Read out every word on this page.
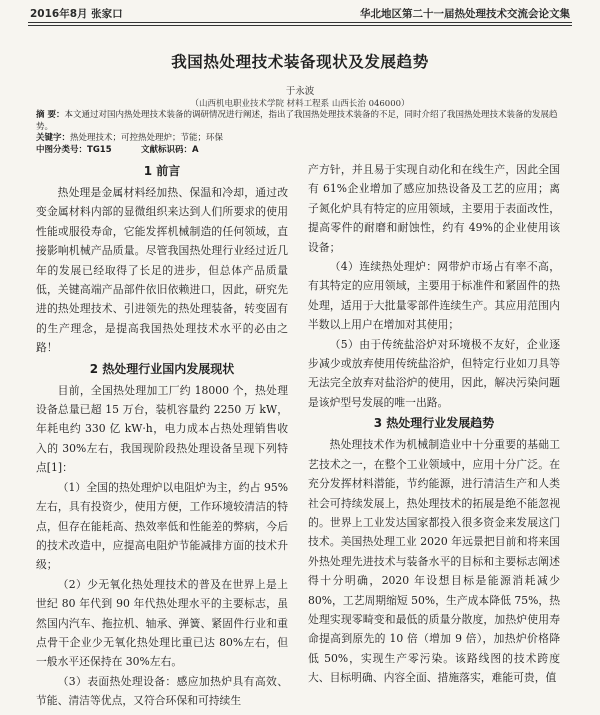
2016年8月 张家口	华北地区第二十一届热处理技术交流会论文集
我国热处理技术装备现状及发展趋势
于永波
（山西机电职业技术学院 材料工程系 山西长治 046000）
摘 要：本文通过对国内热处理技术装备的调研情况进行阐述，指出了我国热处理技术装备的不足，同时介绍了我国热处理技术装备的发展趋势。
关键字：热处理技术；可控热处理炉；节能；环保
中图分类号：TG15	文献标识码：A
1 前言

热处理是金属材料经加热、保温和冷却，通过改变金属材料内部的显微组织来达到人们所要求的使用性能或服役寿命，它能发挥机械制造的任何领域，直接影响机械产品质量。尽管我国热处理行业经过近几年的发展已经取得了长足的进步，但总体产品质量低，关键高端产品部件依旧依赖进口，因此，研究先进的热处理技术、引进领先的热处理装备，转变固有的生产理念，是提高我国热处理技术水平的必由之路！

2 热处理行业国内发展现状

目前，全国热处理加工厂约 18000 个，热处理设备总量已超 15 万台，装机容量约 2250 万 kW，年耗电约 330 亿 kW·h，电力成本占热处理销售收入的 30%左右，我国现阶段热处理设备呈现下列特点[1]：

（1）全国的热处理炉以电阻炉为主，约占 95%左右，具有投资少，使用方便，工作环境较清洁的特点，但存在能耗高、热效率低和性能差的弊病，今后的技术改造中，应提高电阻炉节能减排方面的技术升级；

（2）少无氧化热处理技术的普及在世界上是上世纪 80 年代到 90 年代热处理水平的主要标志，虽然国内汽车、拖拉机、轴承、弹簧、紧固件行业和重点骨干企业少无氧化热处理比重已达 80%左右，但一般水平还保持在 30%左右。

（3）表面热处理设备：感应加热炉具有高效、节能、清洁等优点，又符合环保和可持续生

产方针，并且易于实现自动化和在线生产，因此全国有 61%企业增加了感应加热设备及工艺的应用；离子氮化炉具有特定的应用领域，主要用于表面改性，提高零件的耐磨和耐蚀性，约有 49%的企业使用该设备；

（4）连续热处理炉：网带炉市场占有率不高，有其特定的应用领域，主要用于标准件和紧固件的热处理，适用于大批量零部件连续生产。其应用范围内半数以上用户在增加对其使用；

（5）由于传统盐浴炉对环境极不友好，企业逐步减少或放弃使用传统盐浴炉，但特定行业如刀具等无法完全放弃对盐浴炉的使用，因此，解决污染问题是该炉型号发展的唯一出路。

3 热处理行业发展趋势

热处理技术作为机械制造业中十分重要的基础工艺技术之一，在整个工业领域中，应用十分广泛。在充分发挥材料潜能，节约能源，进行清洁生产和人类社会可持续发展上，热处理技术的拓展是绝不能忽视的。世界上工业发达国家都投入很多资金来发展这门技术。美国热处理工业 2020 年远景把目前和将来国外热处理先进技术与装备水平的目标和主要标志阐述得十分明确，2020 年设想目标是能源消耗减少 80%，工艺周期缩短 50%，生产成本降低 75%，热处理实现零畸变和最低的质量分散度，加热炉使用寿命提高到原先的 10 倍（增加 9 倍），加热炉价格降低 50%，实现生产零污染。该路线图的技术跨度大、目标明确、内容全面、措施落实，难能可贵，值
